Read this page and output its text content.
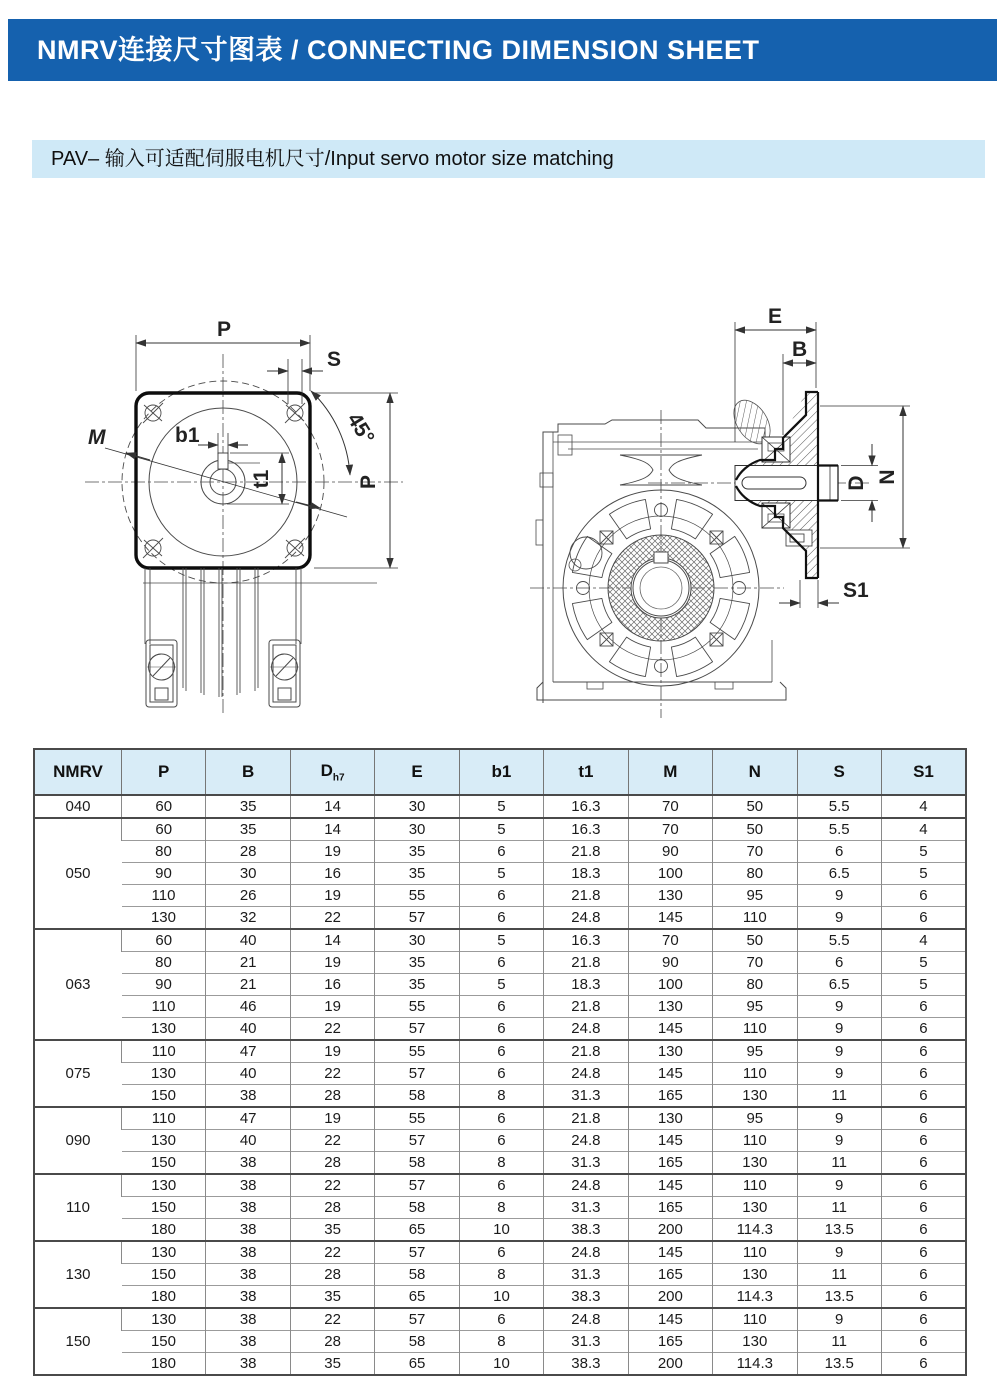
NMRV连接尺寸图表 / CONNECTING DIMENSION SHEET
PAV– 输入可适配伺服电机尺寸/Input servo motor size matching
P
S
M	b1
t1
45°
P
E
B
N
D
S1
NMRV	P	B	$D_{h7}$	E	b1	t1	M	N	S	S1
040	60	35	14	30	5	16.3	70	50	5.5	4
050	60	35	14	30	5	16.3	70	50	5.5	4
	80	28	19	35	6	21.8	90	70	6	5
	90	30	16	35	5	18.3	100	80	6.5	5
	110	26	19	55	6	21.8	130	95	9	6
	130	32	22	57	6	24.8	145	110	9	6
063	60	40	14	30	5	16.3	70	50	5.5	4
	80	21	19	35	6	21.8	90	70	6	5
	90	21	16	35	5	18.3	100	80	6.5	5
	110	46	19	55	6	21.8	130	95	9	6
	130	40	22	57	6	24.8	145	110	9	6
075	110	47	19	55	6	21.8	130	95	9	6
	130	40	22	57	6	24.8	145	110	9	6
	150	38	28	58	8	31.3	165	130	11	6
090	110	47	19	55	6	21.8	130	95	9	6
	130	40	22	57	6	24.8	145	110	9	6
	150	38	28	58	8	31.3	165	130	11	6
110	130	38	22	57	6	24.8	145	110	9	6
	150	38	28	58	8	31.3	165	130	11	6
	180	38	35	65	10	38.3	200	114.3	13.5	6
130	130	38	22	57	6	24.8	145	110	9	6
	150	38	28	58	8	31.3	165	130	11	6
	180	38	35	65	10	38.3	200	114.3	13.5	6
150	130	38	22	57	6	24.8	145	110	9	6
	150	38	28	58	8	31.3	165	130	11	6
	180	38	35	65	10	38.3	200	114.3	13.5	6
